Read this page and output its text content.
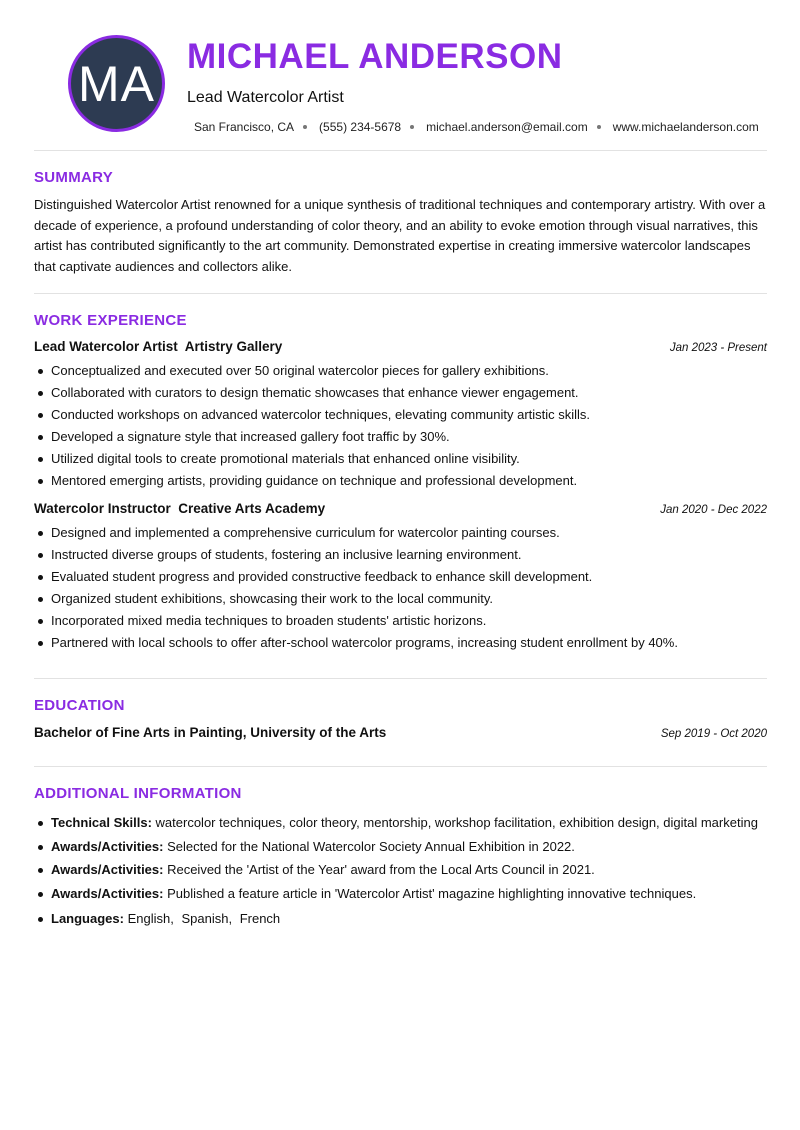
MA MICHAEL ANDERSON
Lead Watercolor Artist
San Francisco, CA (555) 234-5678 michael.anderson@email.com www.michaelanderson.com
SUMMARY

Distinguished Watercolor Artist renowned for a unique synthesis of traditional techniques and contemporary artistry. With over a decade of experience, a profound understanding of color theory, and an ability to evoke emotion through visual narratives, this artist has contributed significantly to the art community. Demonstrated expertise in creating immersive watercolor landscapes that captivate audiences and collectors alike.

WORK EXPERIENCE
Lead Watercolor Artist  Artistry Gallery	Jan 2023 - Present
Conceptualized and executed over 50 original watercolor pieces for gallery exhibitions.
Collaborated with curators to design thematic showcases that enhance viewer engagement.
Conducted workshops on advanced watercolor techniques, elevating community artistic skills.
Developed a signature style that increased gallery foot traffic by 30%.
Utilized digital tools to create promotional materials that enhanced online visibility.
Mentored emerging artists, providing guidance on technique and professional development.
Watercolor Instructor  Creative Arts Academy	Jan 2020 - Dec 2022
Designed and implemented a comprehensive curriculum for watercolor painting courses.
Instructed diverse groups of students, fostering an inclusive learning environment.
Evaluated student progress and provided constructive feedback to enhance skill development.
Organized student exhibitions, showcasing their work to the local community.
Incorporated mixed media techniques to broaden students' artistic horizons.
Partnered with local schools to offer after-school watercolor programs, increasing student enrollment by 40%.
EDUCATION
Bachelor of Fine Arts in Painting, University of the Arts	Sep 2019 - Oct 2020
ADDITIONAL INFORMATION
Technical Skills: watercolor techniques, color theory, mentorship, workshop facilitation, exhibition design, digital marketing
Awards/Activities: Selected for the National Watercolor Society Annual Exhibition in 2022.
Awards/Activities: Received the 'Artist of the Year' award from the Local Arts Council in 2021.
Awards/Activities: Published a feature article in 'Watercolor Artist' magazine highlighting innovative techniques.
Languages: English, Spanish, French
